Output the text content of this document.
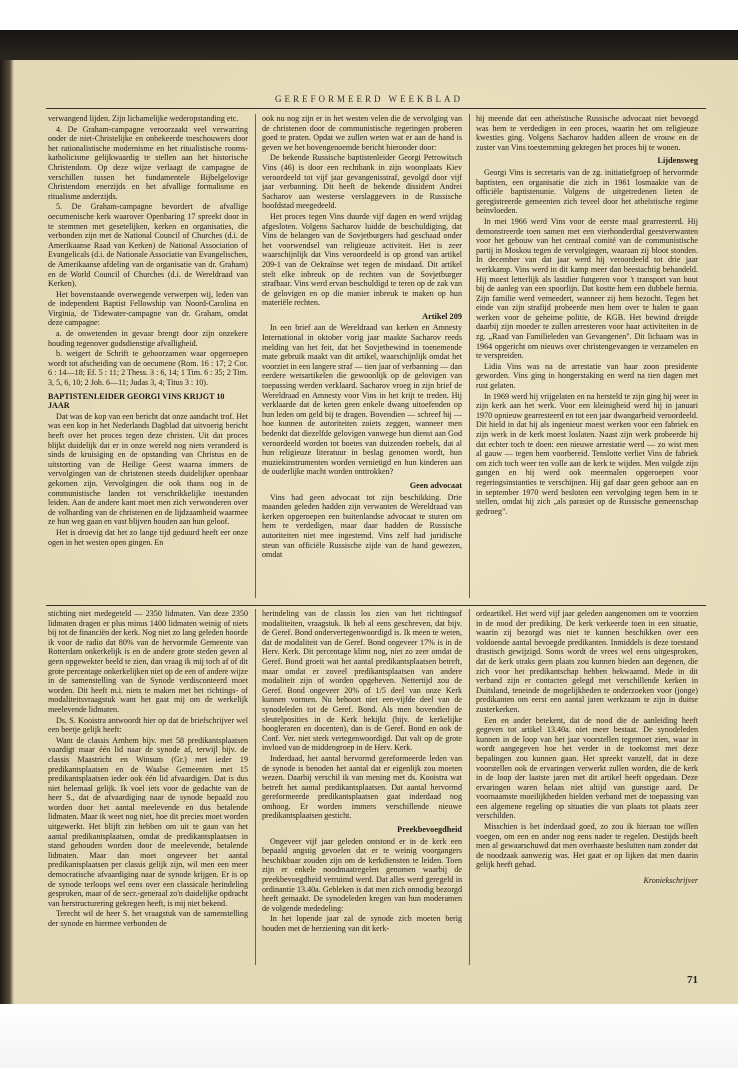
GEREFORMEERD WEEKBLAD

verwangend lijden. Zijn lichamelijke wederopstanding etc.

4. De Graham-campagne veroorzaakt veel verwarring onder de niet-Christelijke en onbekeerde toeschouwers door het rationalistische modernisme en het ritualistische rooms-katholicisme gelijkwaardig te stellen aan het historische Christendom. Op deze wijze verlaagt de campagne de verschillen tussen het fundamentele Bijbelgelovige Christendom enerzijds en het afvallige formalisme en ritualisme anderzijds.

5. De Graham-campagne bevordert de afvallige oecumenische kerk waarover Openbaring 17 spreekt door in te stemmen met gesetelijken, kerken en organisaties, die verbonden zijn met de National Council of Churches (d.i. de Amerikaanse Raad van Kerken) de National Association of Evangelicals (d.i. de Nationale Associatie van Evangelischen, de Amerikaanse afdeling van de organisatie van dr. Graham) en de World Council of Churches (d.i. de Wereldraad van Kerken).

Het bovenstaande overwegende verwerpen wij, leden van de independent Baptist Fellowship van Noord-Carolina en Virginia, de Tidewater-campagne van dr. Graham, omdat deze campagne:

a. de onwetenden in gevaar brengt door zijn onzekere houding tegenover godsdienstige afvalligheid.

b. weigert de Schrift te gehoorzamen waar opgeroepen wordt tot afscheiding van de oecumene (Rom. 16 : 17; 2 Cor. 6 : 14—18; Ef. 5 : 11; 2 Thess. 3 : 6, 14; 1 Tim. 6 : 35; 2 Tim. 3, 5, 6, 10; 2 Joh. 6—11; Judas 3, 4; Titus 3 : 10).

BAPTISTENLEIDER GEORGI VINS KRIJGT 10 JAAR

Dat was de kop van een bericht dat onze aandacht trof. Het was een kop in het Nederlands Dagblad dat uitvoerig bericht heeft over het proces tegen deze christen. Uit dat proces blijkt duidelijk dat er in onze wereld nog niets veranderd is sinds de kruisiging en de opstanding van Christus en de uitstorting van de Heilige Geest waarna immers de vervolgingen van de christenen steeds duidelijker openbaar gekomen zijn. Vervolgingen die ook thans nog in de communistische landen tot verschrikkelijke toestanden leiden. Aan de andere kant moet men zich verwonderen over de volharding van de christenen en de lijdzaamheid waarmee ze hun weg gaan en vast blijven houden aan hun geloof.

Het is droevig dat het zo lange tijd geduurd heeft eer onze ogen in het westen open gingen. En

ook nu nog zijn er in het westen velen die de vervolging van de christenen door de communistische regeringen proberen goed te praten. Opdat we zullen weten wat er aan de hand is geven we het bovengenoemde bericht hieronder door:

De bekende Russische baptistenleider Georgi Petrowitsch Vins (46) is door een rechtbank in zijn woonplaats Kiev veroordeeld tot vijf jaar gevangenisstraf, gevolgd door vijf jaar verbanning. Dit heeft de bekende dissident Andrei Sacharov aan westerse verslaggevers in de Russische hoofdstad meegedeeld.

Het proces tegen Vins duurde vijf dagen en werd vrijdag afgesloten. Volgens Sacharov luidde de beschuldiging, dat Vins de belangen van de Sovjetburgers had geschaad onder het voorwendsel van religieuze activiteit. Het is zeer waarschijnlijk dat Vins veroordeeld is op grond van artikel 209-1 van de Oekraïnse wet tegen de misdaad. Dit artikel stelt elke inbreuk op de rechten van de Sovjetburger strafbaar. Vins werd ervan beschuldigd te teren op de zak van de gelovigen en op die manier inbreuk te maken op hun materiële rechten.

Artikel 209

In een brief aan de Wereldraad van kerken en Amnesty International in oktober vorig jaar maakte Sacharov reeds melding van het feit, dat het Sovjetbewind in toenemende mate gebruik maakt van dit artikel, waarschijnlijk omdat het voorziet in een langere straf — tien jaar of verbanning — dan eerdere wetsartikelen die gewoonlijk op de gelovigen van toepassing werden verklaard. Sacharov vroeg in zijn brief de Wereldraad en Amnesty voor Vins in het krijt te treden. Hij verklaarde dat de keten geen enkele dwang uitoefenden op hun leden om geld bij te dragen. Bovendien — schreef hij — hoe kunnen de autoriteiten zoiets zeggen, wanneer men bedenkt dat diezelfde gelovigen vanwege hun dienst aan God veroordeeld worden tot boetes van duizenden roebels, dat al hun religieuze literatuur in beslag genomen wordt, hun muziekinstrumenten worden vernietigd en hun kinderen aan de ouderlijke macht worden onttrokken?

Geen advocaat

Vins had geen advocaat tot zijn beschikking. Drie maanden geleden hadden zijn verwanten de Wereldraad van kerken opgeroepen een buitenlandse advocaat te sturen om hem te verdedigen, maar daar hadden de Russische autoriteiten niet mee ingestemd. Vins zelf had juridische steun van officiële Russische zijde van de hand gewezen, omdat

hij meende dat een atheïstische Russische advocaat niet bevoegd was hem te verdedigen in een proces, waarin het om religieuze kwesties ging. Volgens Sacharov hadden alleen de vrouw en de zuster van Vins toestemming gekregen het proces bij te wonen.

Lijdensweg

Georgi Vins is secretaris van de zg. initiatiefgroep of hervormde baptisten, een organisatie die zich in 1961 losmaakte van de officiële baptistenunie. Volgens de uitgetredenen lieten de geregistreerde gemeenten zich teveel door het atheïstische regime beïnvloeden.

In mei 1966 werd Vins voor de eerste maal gearresteerd. Hij demonstreerde toen samen met een vierhonderdtal geestverwanten voor het gebouw van het centraal comité van de communistische partij in Moskou tegen de vervolgingen, waaraan zij bloot stonden. In december van dat jaar werd hij veroordeeld tot drie jaar werkkamp. Vins werd in dit kamp meer dan beestachtig behandeld. Hij moest letterlijk als lastdier fungeren voor 't transport van bout bij de aanleg van een spoorlijn. Dat kostte hem een dubbele hernia. Zijn familie werd verneedert, wanneer zij hem bezocht. Tegen het einde van zijn strafijd probeerde men hem over te halen te gaan werken voor de geheime politie, de KGB. Het bewind dreigde daarbij zijn moeder te zullen arresteren voor haar activiteiten in de zg. „Raad van Familieleden van Gevangenen". Dit lichaam was in 1964 opgericht om nieuws over christengevangen te verzamelen en te verspreiden.

Lidia Vins was na de arrestatie van haar zoon presidente geworden. Vins ging in hongerstaking en werd na tien dagen met rust gelaten.

In 1969 werd hij vrijgelaten en na hersteld te zijn ging hij weer in zijn kerk aan het werk. Voor een kleinigheid werd hij in januari 1970 opnieuw gearresteerd en tot een jaar dwangarbeid veroordeeld. Dit hield in dat hij als ingenieur moest werken voor een fabriek en zijn werk in de kerk moest loslaten. Naast zijn werk probeerde hij dat echter toch te doen: een nieuwe arrestatie werd — zo wist men al gauw — tegen hem voorbereid. Tenslotte verliet Vins de fabriek om zich toch weer ten volle aan de kerk te wijden. Men volgde zijn gangen en hij werd ook meermalen opgeroepen voor regeringsinstanties te verschijnen. Hij gaf daar geen gehoor aan en in september 1970 werd besloten een vervolging tegen hem in te stellen, omdat hij zich „als parasiet op de Russische gemeenschap gedroeg".

stichting niet medegeteld — 2350 lidmaten. Van deze 2350 lidmaten dragen er plus minus 1400 lidmaten weinig of niets bij tot de financiën der kerk. Nog niet zo lang geleden hoorde ik voor de radio dat 80% van de hervormde Gemeente van Rotterdam onkerkelijk is en de andere grote steden geven al geen opgewekter beeld te zien, dan vraag ik mij toch af of dit grote percentage onkerkelijken niet op de een of andere wijze in de samenstelling van de Synode verdisconteerd moet worden. Dit heeft m.i. niets te maken met het richtings- of modaliteitsvraagstuk want het gaat mij om de werkelijk meelevende lidmaten.

Ds. S. Kooistra antwoordt hier op dat de briefschrijver wel een beetje gelijk heeft:

Want de classis Arnhem bijv. met 58 predikantsplaatsen vaardigt maar één lid naar de synode af, terwijl bijv. de classis Maastricht en Winsum (Gr.) met ieder 19 predikantsplaatsen en de Waalse Gemeenten met 15 predikantsplaatsen ieder ook één lid afvaardigen. Dat is dus niet helemaal gelijk. Ik voel iets voor de gedachte van de heer S., dat de afvaardiging naar de synode bepaald zou worden door het aantal meelevende en dus betalende lidmaten. Maar ik weet nog niet, hoe dit precies moet worden uitgewerkt. Het blijft zin hebben om uit te gaan van het aantal predikantsplaatsen, omdat de predikantsplaatsen in stand gehouden worden door de meelevende, betalende lidmaten. Maar dan moet ongeveer het aantal predikantsplaatsen per classis gelijk zijn, wil men een meer democratische afvaardiging naar de synode krijgen. Er is op de synode terloops wel eens over een classicale herindeling gesproken, maar of de secr.-generaal zo'n duidelijke opdracht van herstructurering gekregen heeft, is mij niet bekend.

Terecht wil de heer S. het vraagstuk van de samenstelling der synode en hiermee verbonden de

herindeling van de classis los zien van het richtingsof modaliteiten, vraagstuk. Ik heb al eens geschreven, dat bijv. de Geref. Bond ondervertegenwoordigd is. Ik meen te weten, dat de modaliteit van de Geref. Bond ongeveer 17% is in de Herv. Kerk. Dit percentage klimt nog, niet zo zeer omdat de Geref. Bond groeit wat het aantal predikantsplaatsen betreft, maar omdat er zoveel predikantsplaatsen van andere modaliteit zijn of worden opgeheven. Nettertijd zou de Geref. Bond ongeveer 20% of 1/5 deel van onze Kerk kunnen vormen. Nu behoort niet een-vijfde deel van de synodeleden tot de Geref. Bond. Als men bovendien de sleutelposities in de Kerk bekijkt (bijv. de kerkelijke hoogleraren en docenten), dan is de Geref. Bond en ook de Conf. Ver. niet sterk vertegenwoordigd. Dat valt op de grote invloed van de middengroep in de Herv. Kerk.

Inderdaad, het aantal hervormd gereformeerde leden van de synode is benoden het aantal dat er eigenlijk zou moeten wezen. Daarbij verschil ik van mening met ds. Kooistra wat betreft het aantal predikantsplaatsen. Dat aantal hervormd gereformeerde predikantsplaatsen gaat inderdaad nog omhoog. Er worden immers verschillende nieuwe predikantsplaatsen gesticht.

Preekbevoegdheid

Ongeveer vijf jaar geleden ontstond er in de kerk een bepaald angstig gevoelen dat er te weinig voorgangers beschikbaar zouden zijn om de kerkdiensten te leiden. Toen zijn er enkele noodmaatregelen genomen waarbij de preekbevoegdheid verruimd werd. Dat alles werd geregeld in ordinantie 13.40a. Gebleken is dat men zich onnodig bezorgd heeft gemaakt. De synodeleden kregen van hun moderamen de volgende mededeling:

In het lopende jaar zal de synode zich moeten berig houden met de herziening van dit kerk-

ordeartikel. Het werd vijf jaar geleden aangenomen om te voorzien in de nood der prediking. De kerk verkeerde toen in een situatie, waarin zij bezorgd was niet te kunnen beschikken over een voldoende aantal bevoegde predikanten. Inmiddels is deze toestand drastisch gewijzigd. Soms wordt de vrees wel eens uitgesproken, dat de kerk straks geen plaats zou kunnen bieden aan degenen, die zich voor het predikantschap hebben bekwaamd. Mede in dit verband zijn er contacten gelegd met verschillende kerken in Duitsland, teneinde de mogelijkheden te onderzoeken voor (jonge) predikanten om eerst een aantal jaren werkzaam te zijn in duitse zusterkerken.

Een en ander betekent, dat de nood die de aanleiding heeft gegeven tot artikel 13.40a. niet meer bestaat. De synodeleden kunnen in de loop van het jaar voorstellen tegemoet zien, waar in wordt aangegeven hoe het verder in de toekomst met deze bepalingen zou kunnen gaan. Het spreekt vanzelf, dat in deze voorstellen ook de ervaringen verwerkt zullen worden, die de kerk in de loop der laatste jaren met dit artikel heeft opgedaan. Deze ervaringen waren helaas niet altijd van gunstige aard. De voornaamste moeilijkheden hielden verband met de toepassing van een algemene regeling op situaties die van plaats tot plaats zeer verschilden.

Misschien is het inderdaad goed, zo zou ik hieraan toe willen voegen, om een en ander nog eens nader te regelen. Destijds heeft men al gewaarschuwd dat men overhaaste besluiten nam zonder dat de noodzaak aanwezig was. Het gaat er op lijken dat men daarin gelijk heeft gehad.

Kroniekschrijver

71
